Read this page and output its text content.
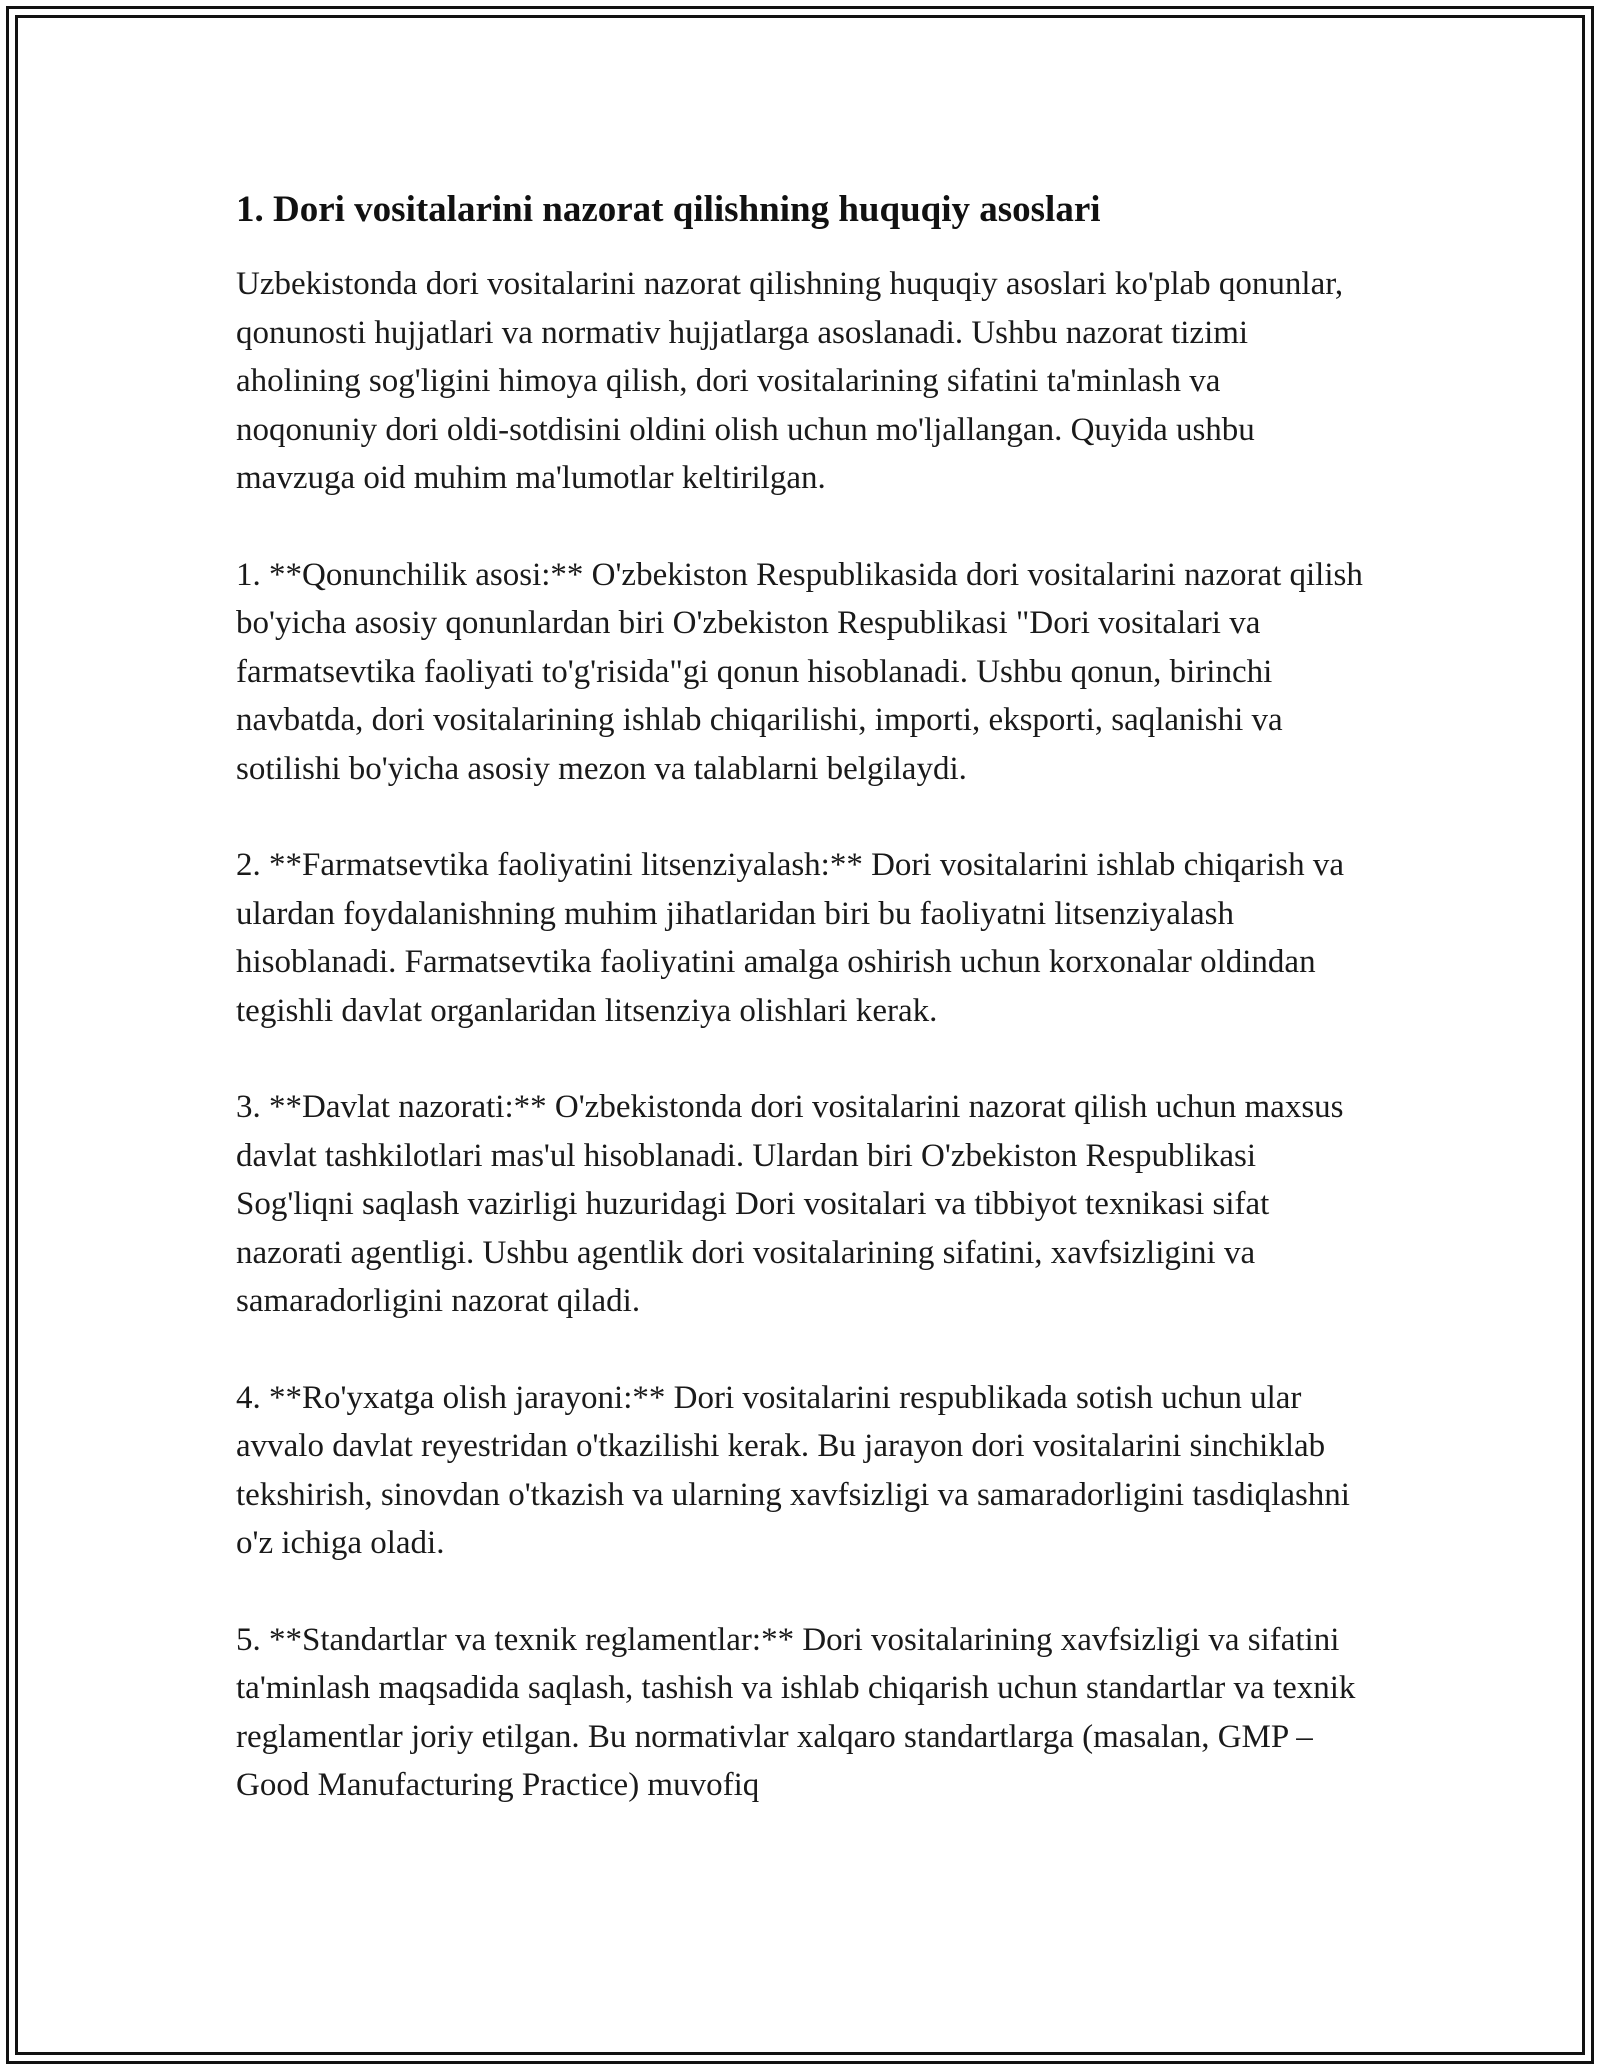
1. Dori vositalarini nazorat qilishning huquqiy asoslari

Uzbekistonda dori vositalarini nazorat qilishning huquqiy asoslari ko'plab qonunlar, qonunosti hujjatlari va normativ hujjatlarga asoslanadi. Ushbu nazorat tizimi aholining sog'ligini himoya qilish, dori vositalarining sifatini ta'minlash va noqonuniy dori oldi-sotdisini oldini olish uchun mo'ljallangan. Quyida ushbu mavzuga oid muhim ma'lumotlar keltirilgan.

1. **Qonunchilik asosi:** O'zbekiston Respublikasida dori vositalarini nazorat qilish bo'yicha asosiy qonunlardan biri O'zbekiston Respublikasi "Dori vositalari va farmatsevtika faoliyati to'g'risida"gi qonun hisoblanadi. Ushbu qonun, birinchi navbatda, dori vositalarining ishlab chiqarilishi, importi, eksporti, saqlanishi va sotilishi bo'yicha asosiy mezon va talablarni belgilaydi.

2. **Farmatsevtika faoliyatini litsenziyalash:** Dori vositalarini ishlab chiqarish va ulardan foydalanishning muhim jihatlaridan biri bu faoliyatni litsenziyalash hisoblanadi. Farmatsevtika faoliyatini amalga oshirish uchun korxonalar oldindan tegishli davlat organlaridan litsenziya olishlari kerak.

3. **Davlat nazorati:** O'zbekistonda dori vositalarini nazorat qilish uchun maxsus davlat tashkilotlari mas'ul hisoblanadi. Ulardan biri O'zbekiston Respublikasi Sog'liqni saqlash vazirligi huzuridagi Dori vositalari va tibbiyot texnikasi sifat nazorati agentligi. Ushbu agentlik dori vositalarining sifatini, xavfsizligini va samaradorligini nazorat qiladi.

4. **Ro'yxatga olish jarayoni:** Dori vositalarini respublikada sotish uchun ular avvalo davlat reyestridan o'tkazilishi kerak. Bu jarayon dori vositalarini sinchiklab tekshirish, sinovdan o'tkazish va ularning xavfsizligi va samaradorligini tasdiqlashni o'z ichiga oladi.

5. **Standartlar va texnik reglamentlar:** Dori vositalarining xavfsizligi va sifatini ta'minlash maqsadida saqlash, tashish va ishlab chiqarish uchun standartlar va texnik reglamentlar joriy etilgan. Bu normativlar xalqaro standartlarga (masalan, GMP – Good Manufacturing Practice) muvofiq
